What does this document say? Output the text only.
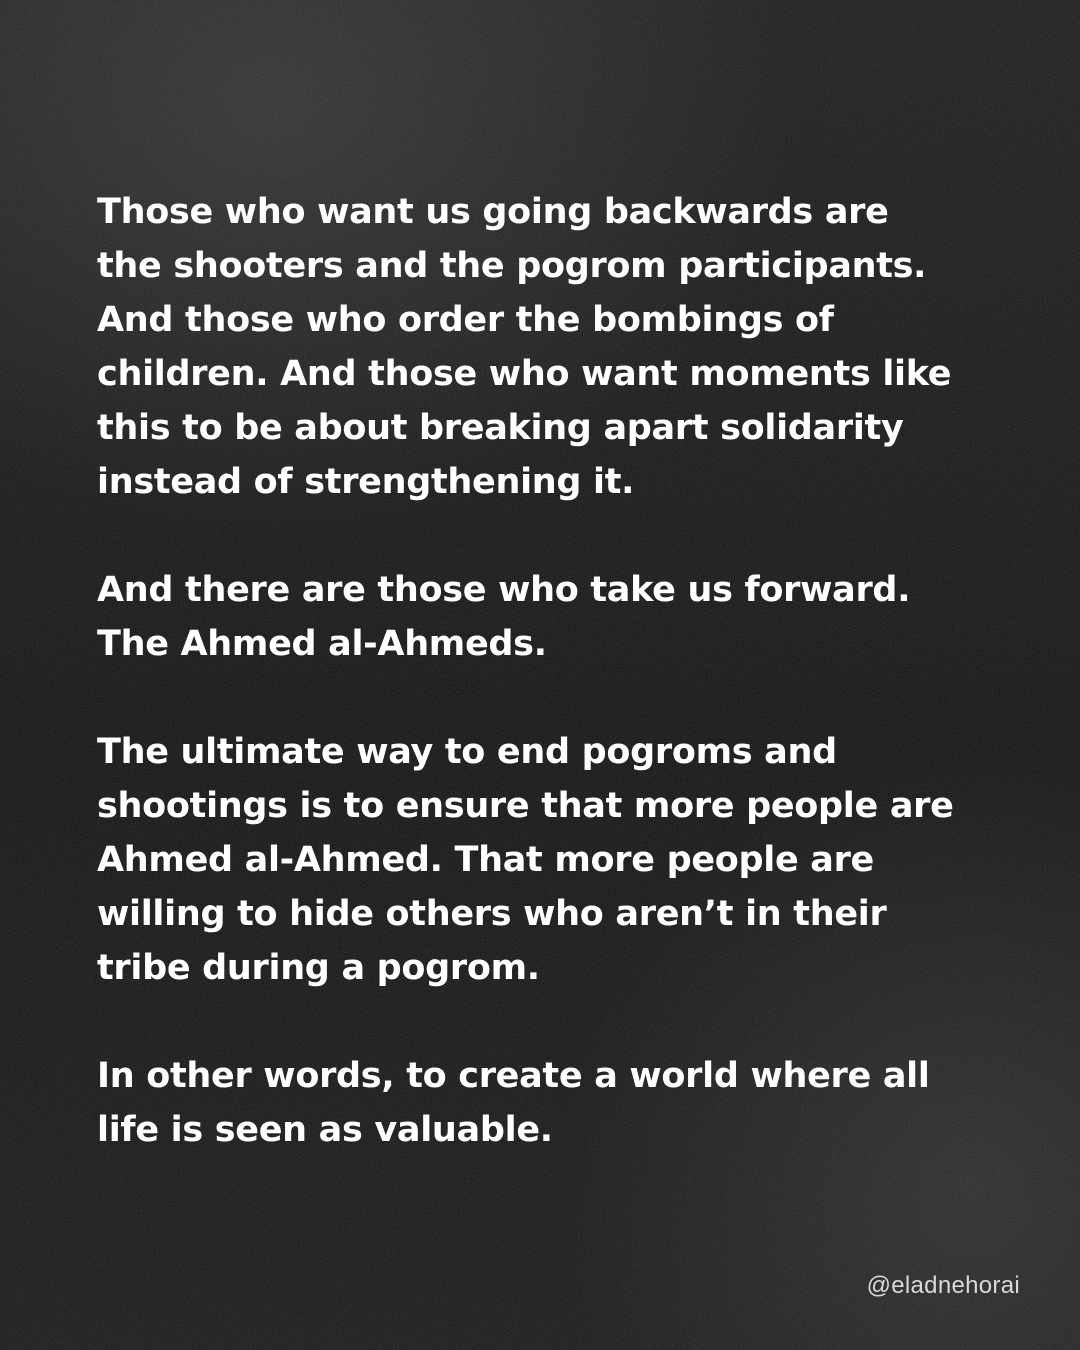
Those who want us going backwards are
the shooters and the pogrom participants.
And those who order the bombings of
children. And those who want moments like
this to be about breaking apart solidarity
instead of strengthening it.

And there are those who take us forward.
The Ahmed al-Ahmeds.

The ultimate way to end pogroms and
shootings is to ensure that more people are
Ahmed al-Ahmed. That more people are
willing to hide others who aren’t in their
tribe during a pogrom.

In other words, to create a world where all
life is seen as valuable.

@eladnehorai
